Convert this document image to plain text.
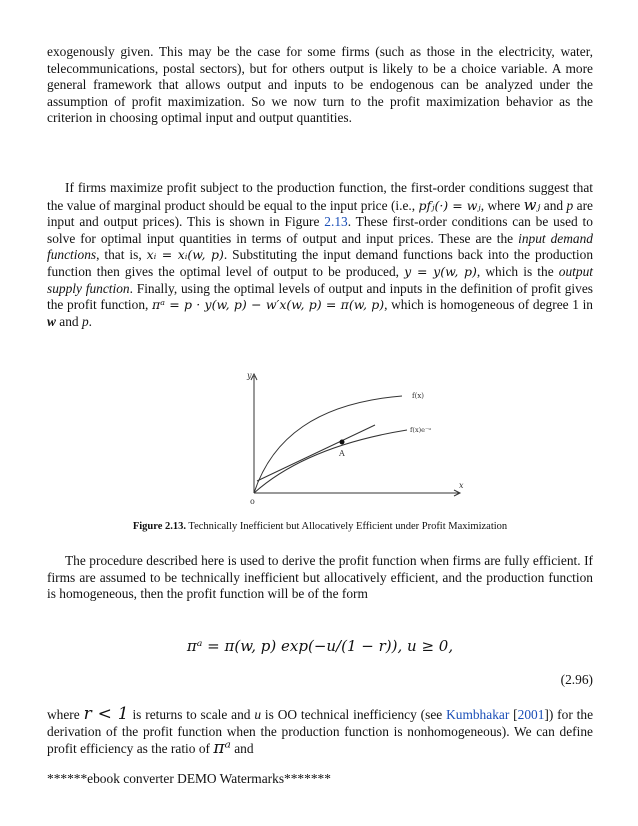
exogenously given. This may be the case for some firms (such as those in the electricity, water, telecommunications, postal sectors), but for others output is likely to be a choice variable. A more general framework that allows output and inputs to be endogenous can be analyzed under the assumption of profit maximization. So we now turn to the profit maximization behavior as the criterion in choosing optimal input and output quantities.

If firms maximize profit subject to the production function, the first-order conditions suggest that the value of marginal product should be equal to the input price (i.e., pfⱼ(·) = wⱼ, where wⱼ and p are input and output prices). This is shown in Figure 2.13. These first-order conditions can be used to solve for optimal input quantities in terms of output and input prices. These are the input demand functions, that is, xᵢ = xᵢ(w, p). Substituting the input demand functions back into the production function then gives the optimal level of output to be produced, y = y(w, p), which is the output supply function. Finally, using the optimal levels of output and inputs in the definition of profit gives the profit function, πᵃ = p · y(w, p) − w′x(w, p) = π(w, p), which is homogeneous of degree 1 in w and p.

y
x
o
A
f(x)
f(x)e⁻ᵘ
Figure 2.13. Technically Inefficient but Allocatively Efficient under Profit Maximization

The procedure described here is used to derive the profit function when firms are fully efficient. If firms are assumed to be technically inefficient but allocatively efficient, and the production function is homogeneous, then the profit function will be of the form

πᵃ = π(w, p) exp(−u/(1 − r)), u ≥ 0,
(2.96)

where r < 1 is returns to scale and u is OO technical inefficiency (see Kumbhakar [2001]) for the derivation of the profit function when the production function is nonhomogeneous). We can define profit efficiency as the ratio of πᵃ and

******ebook converter DEMO Watermarks*******
